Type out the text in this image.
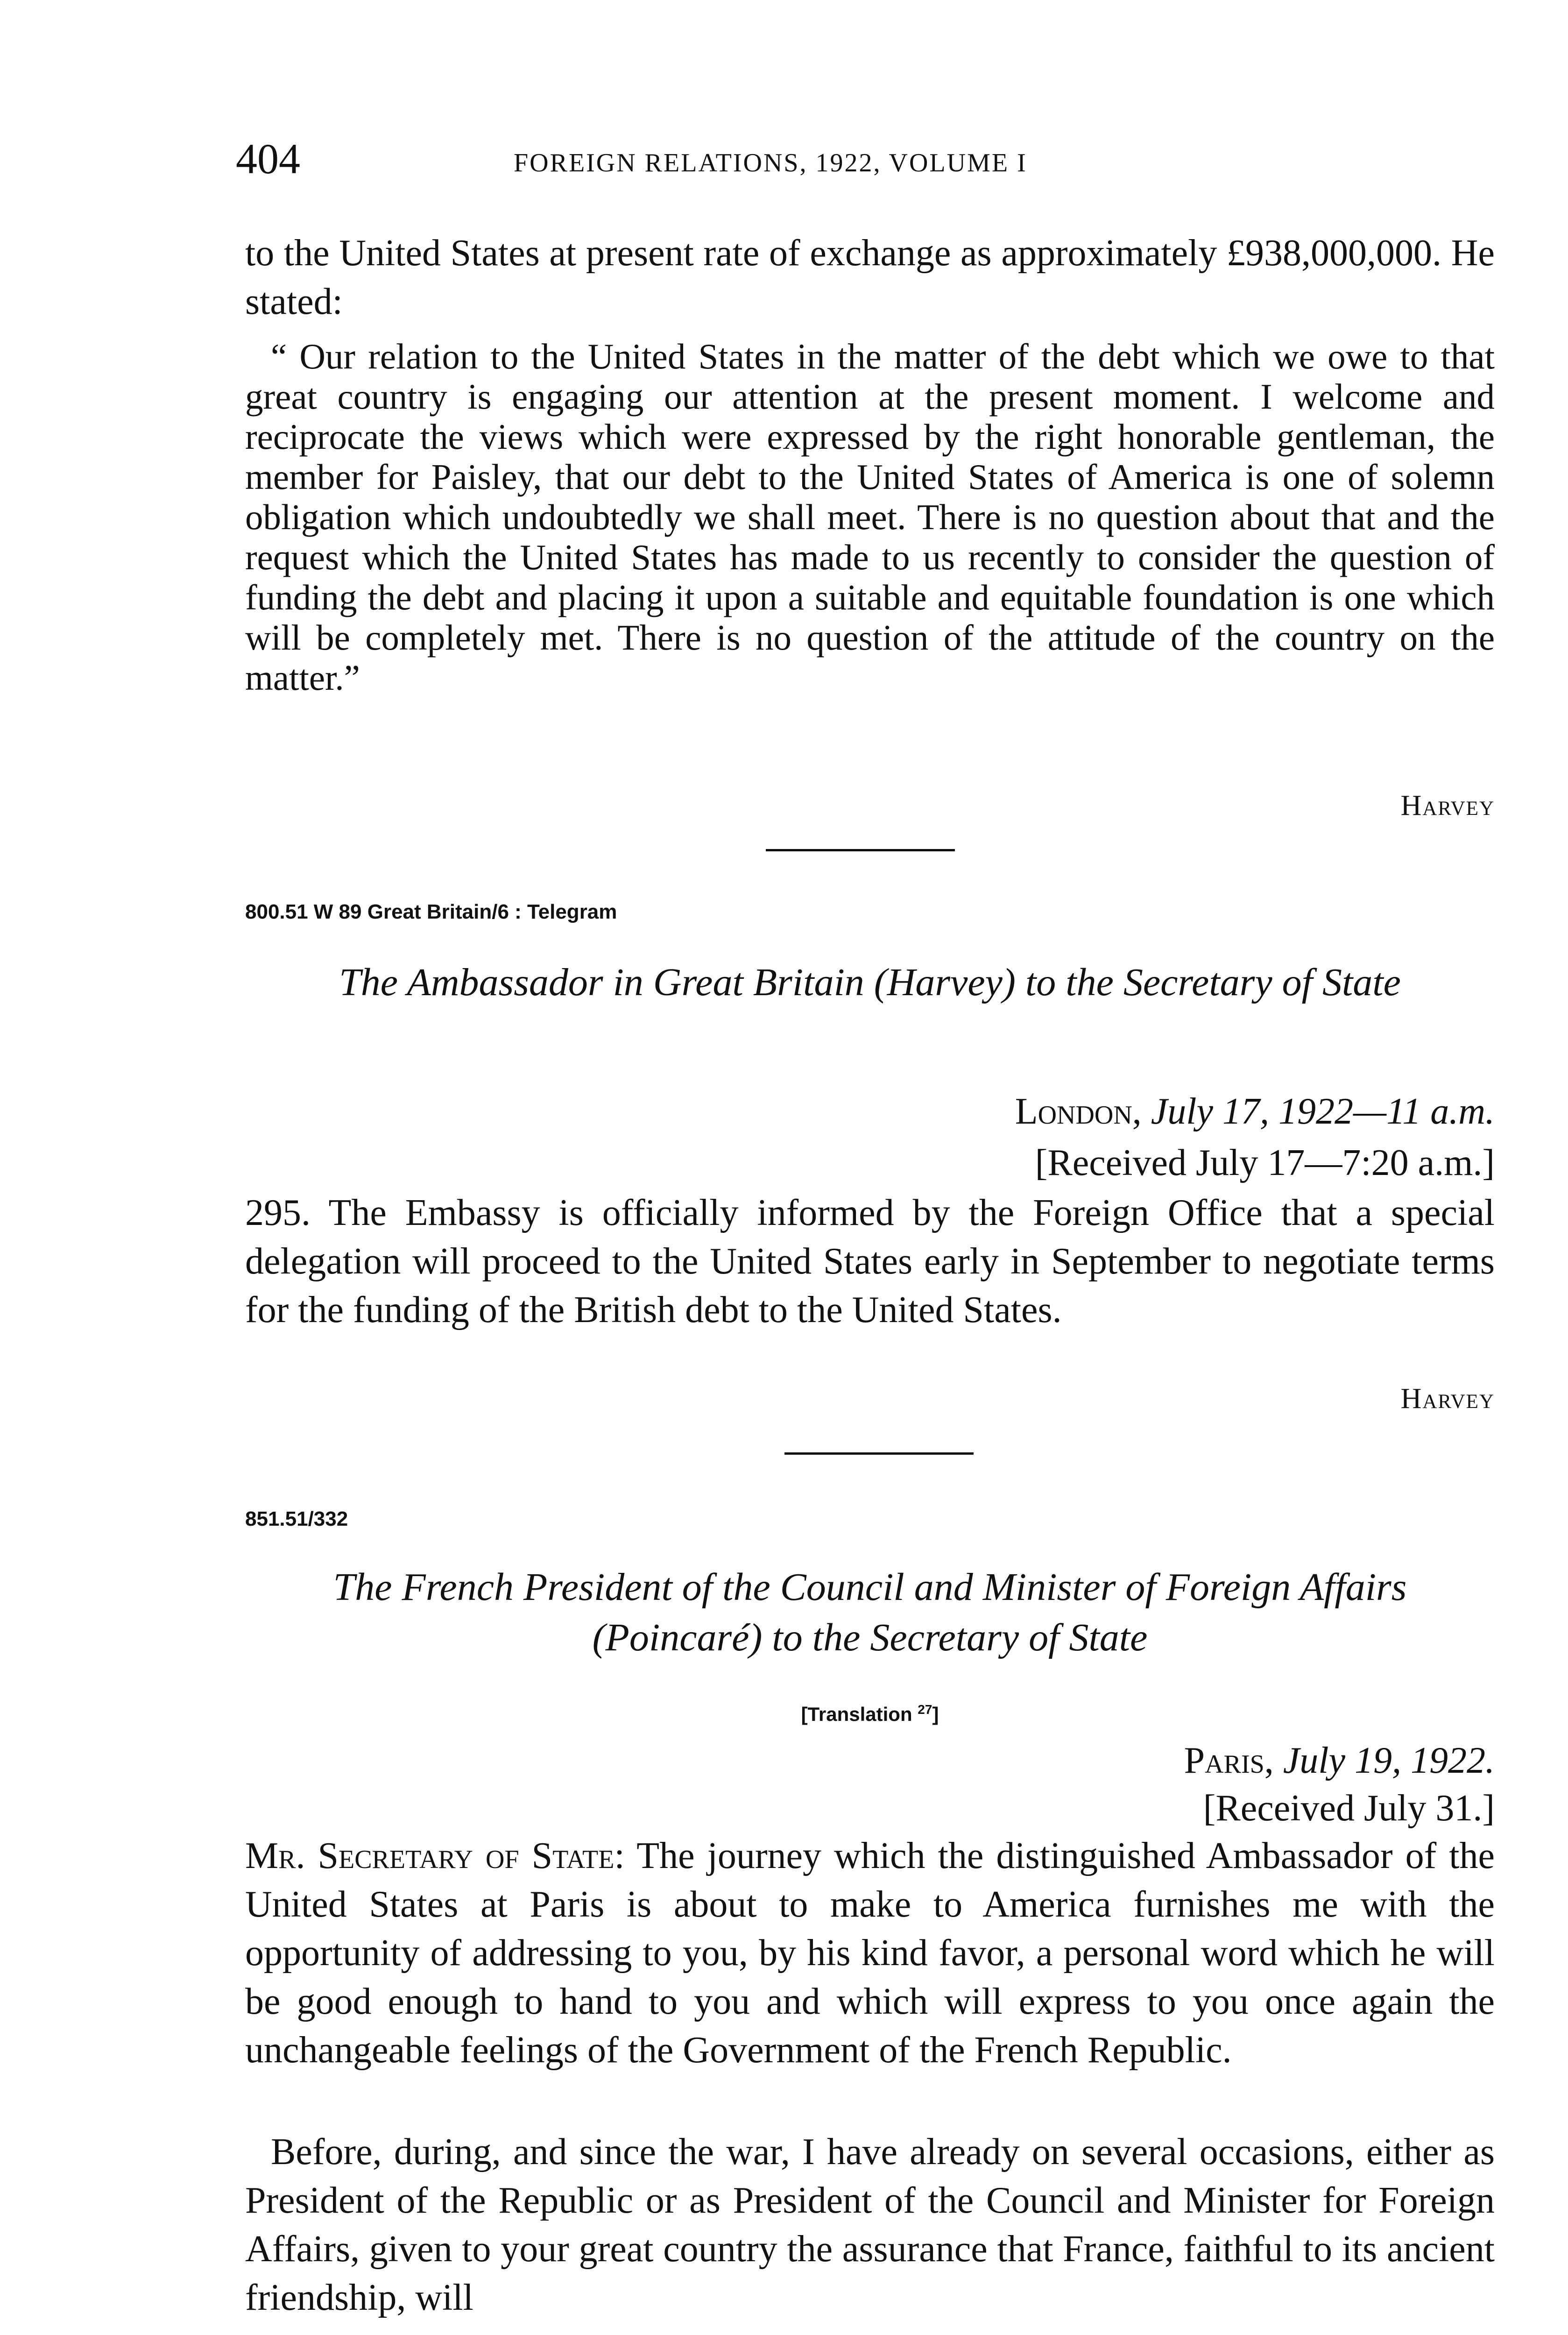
404	FOREIGN RELATIONS, 1922, VOLUME I

to the United States at present rate of exchange as approximately £938,000,000. He stated:

“ Our relation to the United States in the matter of the debt which we owe to that great country is engaging our attention at the present moment. I welcome and reciprocate the views which were expressed by the right honorable gentleman, the member for Paisley, that our debt to the United States of America is one of solemn obligation which undoubtedly we shall meet. There is no question about that and the request which the United States has made to us recently to consider the question of funding the debt and placing it upon a suitable and equitable foundation is one which will be completely met. There is no question of the attitude of the country on the matter.”

Harvey
800.51 W 89 Great Britain/6 : Telegram

The Ambassador in Great Britain (Harvey) to the Secretary of State

London, July 17, 1922—11 a.m.
[Received July 17—7:20 a.m.]

295. The Embassy is officially informed by the Foreign Office that a special delegation will proceed to the United States early in September to negotiate terms for the funding of the British debt to the United States.

Harvey
851.51/332

The French President of the Council and Minister of Foreign Affairs (Poincaré) to the Secretary of State

[Translation $^{27}$]
Paris, July 19, 1922.
[Received July 31.]

Mr. Secretary of State: The journey which the distinguished Ambassador of the United States at Paris is about to make to America furnishes me with the opportunity of addressing to you, by his kind favor, a personal word which he will be good enough to hand to you and which will express to you once again the unchangeable feelings of the Government of the French Republic.

Before, during, and since the war, I have already on several occasions, either as President of the Republic or as President of the Council and Minister for Foreign Affairs, given to your great country the assurance that France, faithful to its ancient friendship, will
